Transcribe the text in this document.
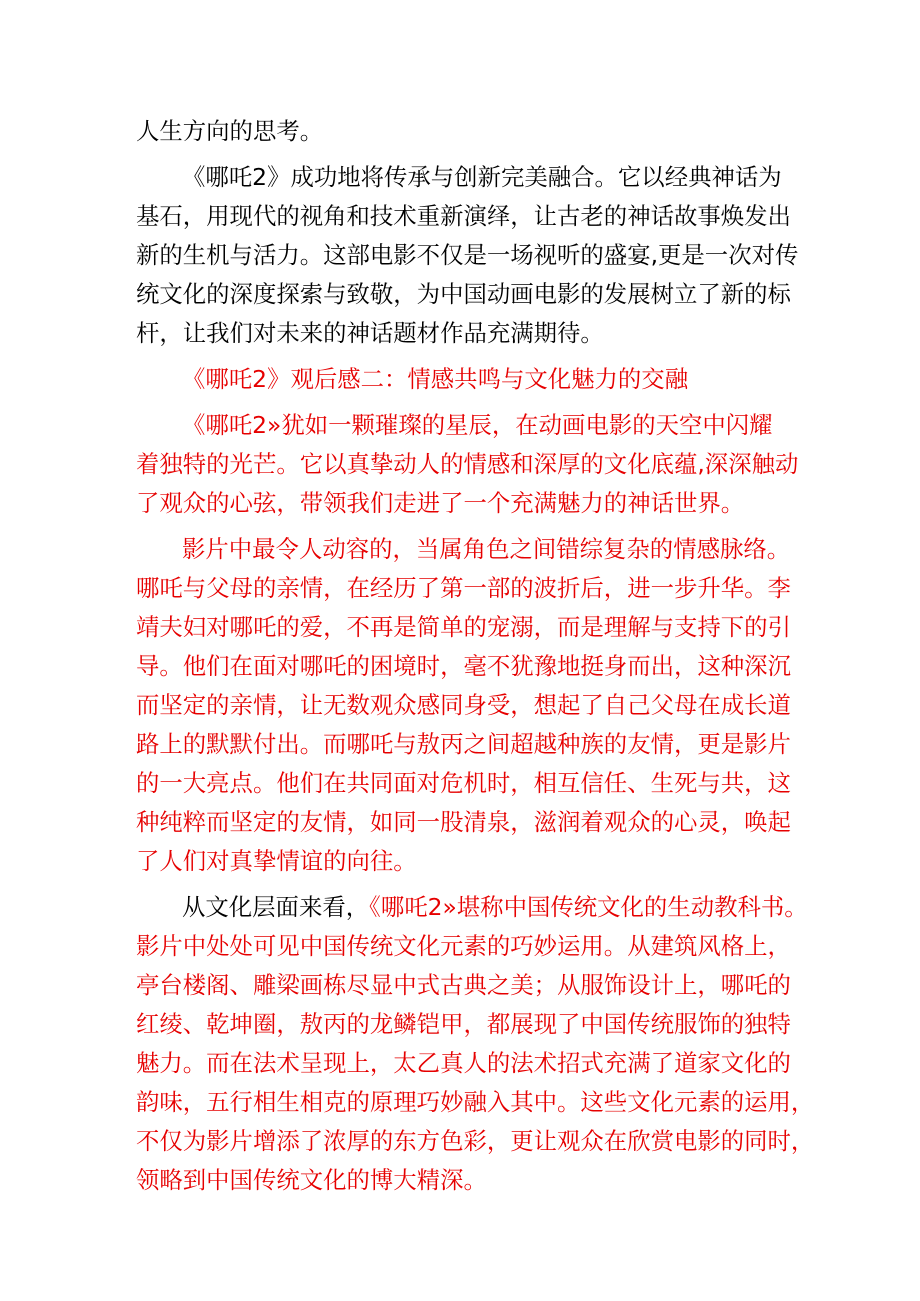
人生方向的思考。
《哪吒2》成功地将传承与创新完美融合。它以经典神话为
基石，用现代的视角和技术重新演绎，让古老的神话故事焕发出
新的生机与活力。这部电影不仅是一场视听的盛宴,更是一次对传
统文化的深度探索与致敬，为中国动画电影的发展树立了新的标
杆，让我们对未来的神话题材作品充满期待。
《哪吒2》观后感二：情感共鸣与文化魅力的交融
《哪吒2»犹如一颗璀璨的星辰，在动画电影的天空中闪耀
着独特的光芒。它以真挚动人的情感和深厚的文化底蕴,深深触动
了观众的心弦，带领我们走进了一个充满魅力的神话世界。
影片中最令人动容的，当属角色之间错综复杂的情感脉络。
哪吒与父母的亲情，在经历了第一部的波折后，进一步升华。李
靖夫妇对哪吒的爱，不再是简单的宠溺，而是理解与支持下的引
导。他们在面对哪吒的困境时，毫不犹豫地挺身而出，这种深沉
而坚定的亲情，让无数观众感同身受，想起了自己父母在成长道
路上的默默付出。而哪吒与敖丙之间超越种族的友情，更是影片
的一大亮点。他们在共同面对危机时，相互信任、生死与共，这
种纯粹而坚定的友情，如同一股清泉，滋润着观众的心灵，唤起
了人们对真挚情谊的向往。
从文化层面来看，《哪吒2»堪称中国传统文化的生动教科书。
影片中处处可见中国传统文化元素的巧妙运用。从建筑风格上，
亭台楼阁、雕梁画栋尽显中式古典之美；从服饰设计上，哪吒的
红绫、乾坤圈，敖丙的龙鳞铠甲，都展现了中国传统服饰的独特
魅力。而在法术呈现上，太乙真人的法术招式充满了道家文化的
韵味，五行相生相克的原理巧妙融入其中。这些文化元素的运用，
不仅为影片增添了浓厚的东方色彩，更让观众在欣赏电影的同时，
领略到中国传统文化的博大精深。
